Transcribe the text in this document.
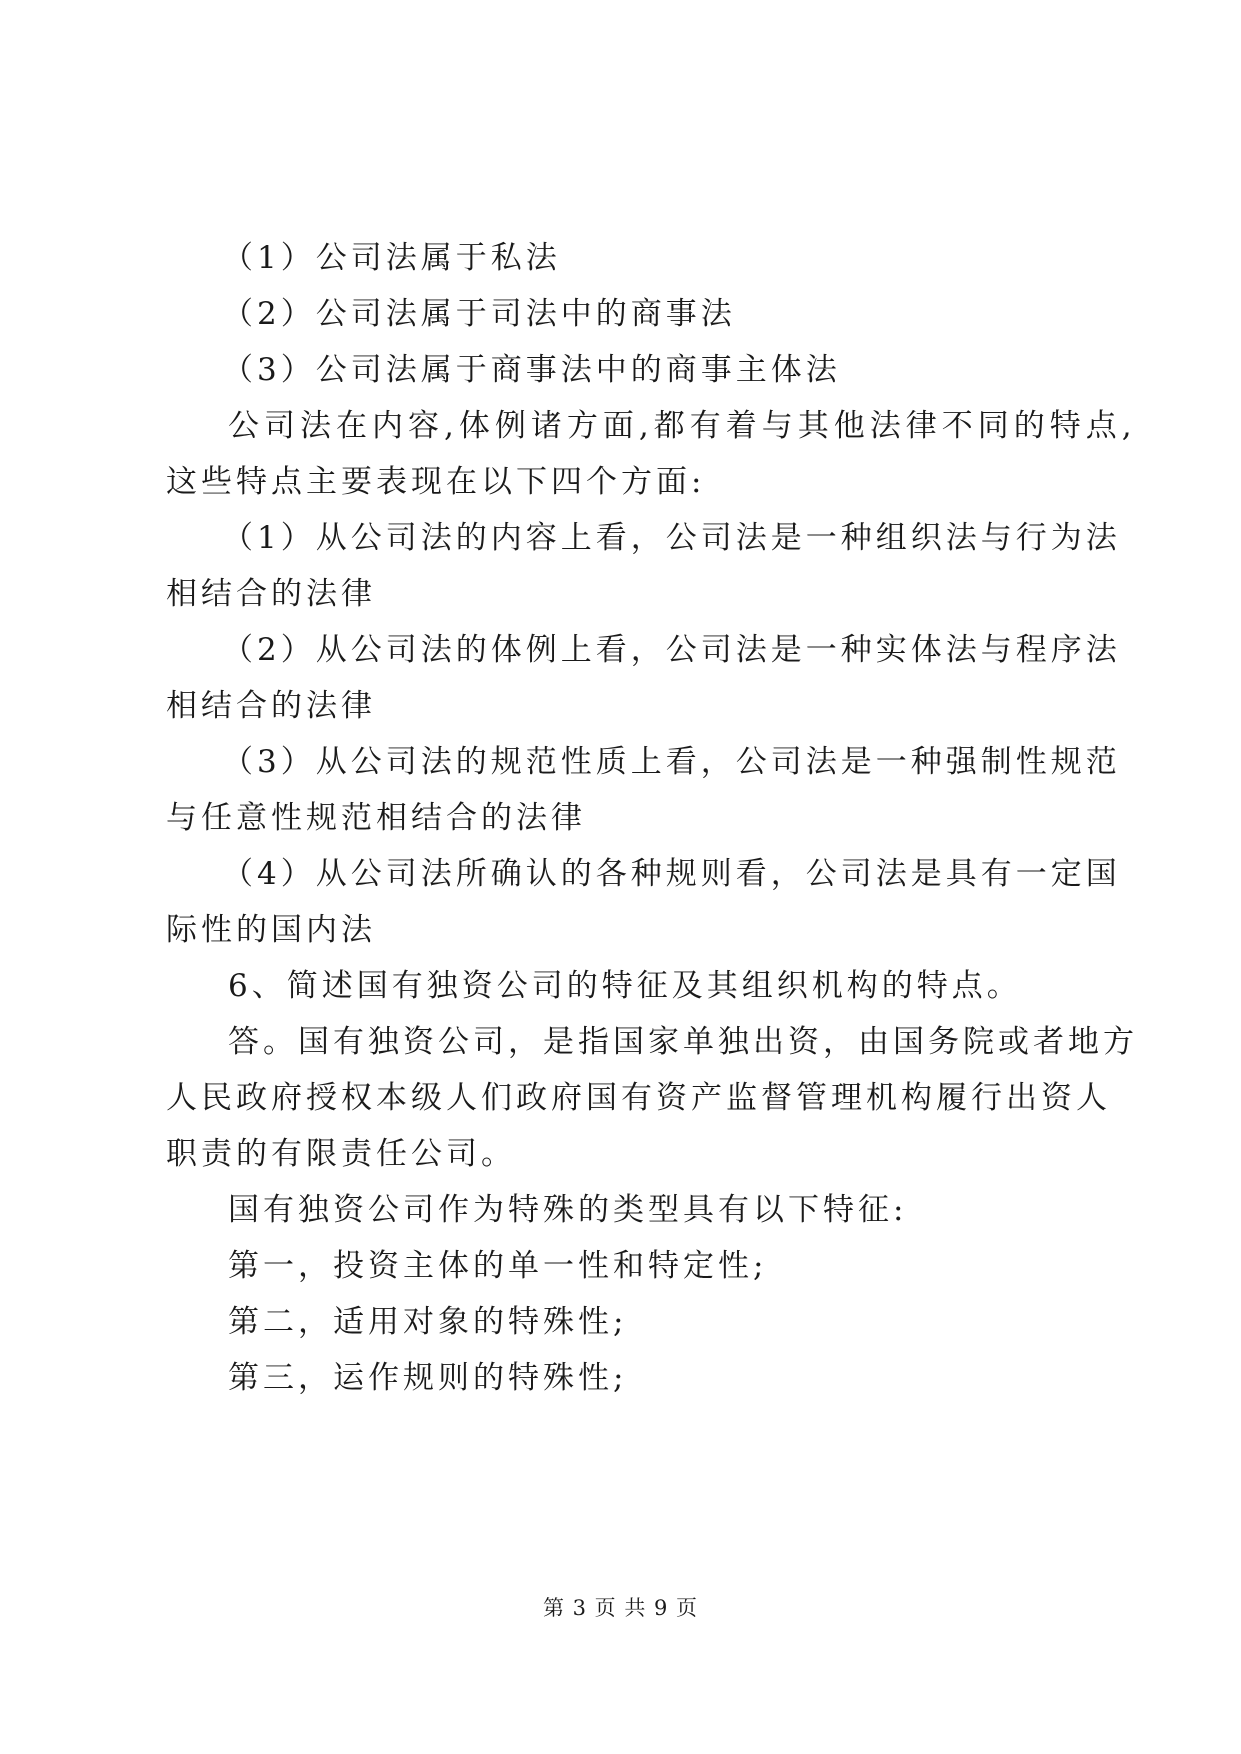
（1）公司法属于私法
（2）公司法属于司法中的商事法
（3）公司法属于商事法中的商事主体法
公司法在内容,体例诸方面,都有着与其他法律不同的特点,
这些特点主要表现在以下四个方面:
（1）从公司法的内容上看，公司法是一种组织法与行为法
相结合的法律
（2）从公司法的体例上看，公司法是一种实体法与程序法
相结合的法律
（3）从公司法的规范性质上看，公司法是一种强制性规范
与任意性规范相结合的法律
（4）从公司法所确认的各种规则看，公司法是具有一定国
际性的国内法
6、简述国有独资公司的特征及其组织机构的特点。
答。国有独资公司，是指国家单独出资，由国务院或者地方
人民政府授权本级人们政府国有资产监督管理机构履行出资人
职责的有限责任公司。
国有独资公司作为特殊的类型具有以下特征:
第一，投资主体的单一性和特定性;
第二，适用对象的特殊性;
第三，运作规则的特殊性;
第 3 页 共 9 页
